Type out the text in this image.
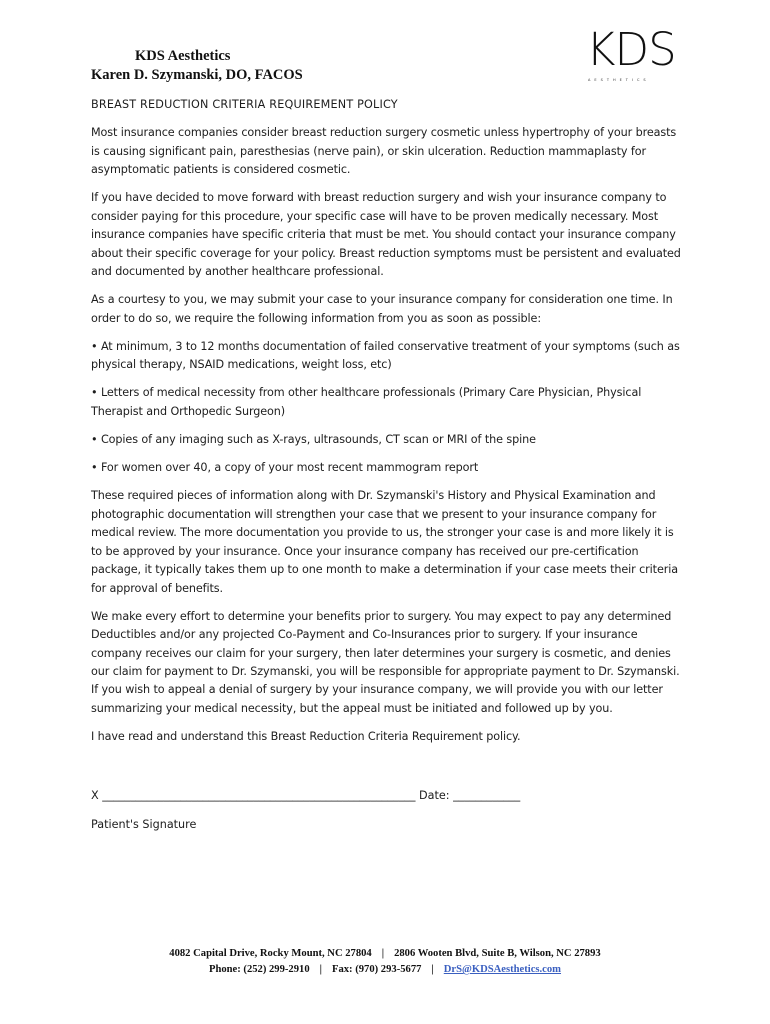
KDS Aesthetics
Karen D. Szymanski, DO, FACOS	KDS
AESTHETICS

BREAST REDUCTION CRITERIA REQUIREMENT POLICY

Most insurance companies consider breast reduction surgery cosmetic unless hypertrophy of your breasts is causing significant pain, paresthesias (nerve pain), or skin ulceration. Reduction mammaplasty for asymptomatic patients is considered cosmetic.

If you have decided to move forward with breast reduction surgery and wish your insurance company to consider paying for this procedure, your specific case will have to be proven medically necessary. Most insurance companies have specific criteria that must be met. You should contact your insurance company about their specific coverage for your policy. Breast reduction symptoms must be persistent and evaluated and documented by another healthcare professional.

As a courtesy to you, we may submit your case to your insurance company for consideration one time. In order to do so, we require the following information from you as soon as possible:

• At minimum, 3 to 12 months documentation of failed conservative treatment of your symptoms (such as physical therapy, NSAID medications, weight loss, etc)

• Letters of medical necessity from other healthcare professionals (Primary Care Physician, Physical Therapist and Orthopedic Surgeon)

• Copies of any imaging such as X-rays, ultrasounds, CT scan or MRI of the spine

• For women over 40, a copy of your most recent mammogram report

These required pieces of information along with Dr. Szymanski's History and Physical Examination and photographic documentation will strengthen your case that we present to your insurance company for medical review. The more documentation you provide to us, the stronger your case is and more likely it is to be approved by your insurance. Once your insurance company has received our pre-certification package, it typically takes them up to one month to make a determination if your case meets their criteria for approval of benefits.

We make every effort to determine your benefits prior to surgery. You may expect to pay any determined Deductibles and/or any projected Co-Payment and Co-Insurances prior to surgery. If your insurance company receives our claim for your surgery, then later determines your surgery is cosmetic, and denies our claim for payment to Dr. Szymanski, you will be responsible for appropriate payment to Dr. Szymanski. If you wish to appeal a denial of surgery by your insurance company, we will provide you with our letter summarizing your medical necessity, but the appeal must be initiated and followed up by you.

I have read and understand this Breast Reduction Criteria Requirement policy.

X ________________________________________________________ Date: ____________
Patient's Signature
4082 Capital Drive, Rocky Mount, NC 27804 | 2806 Wooten Blvd, Suite B, Wilson, NC 27893
Phone: (252) 299-2910 | Fax: (970) 293-5677 | DrS@KDSAesthetics.com
